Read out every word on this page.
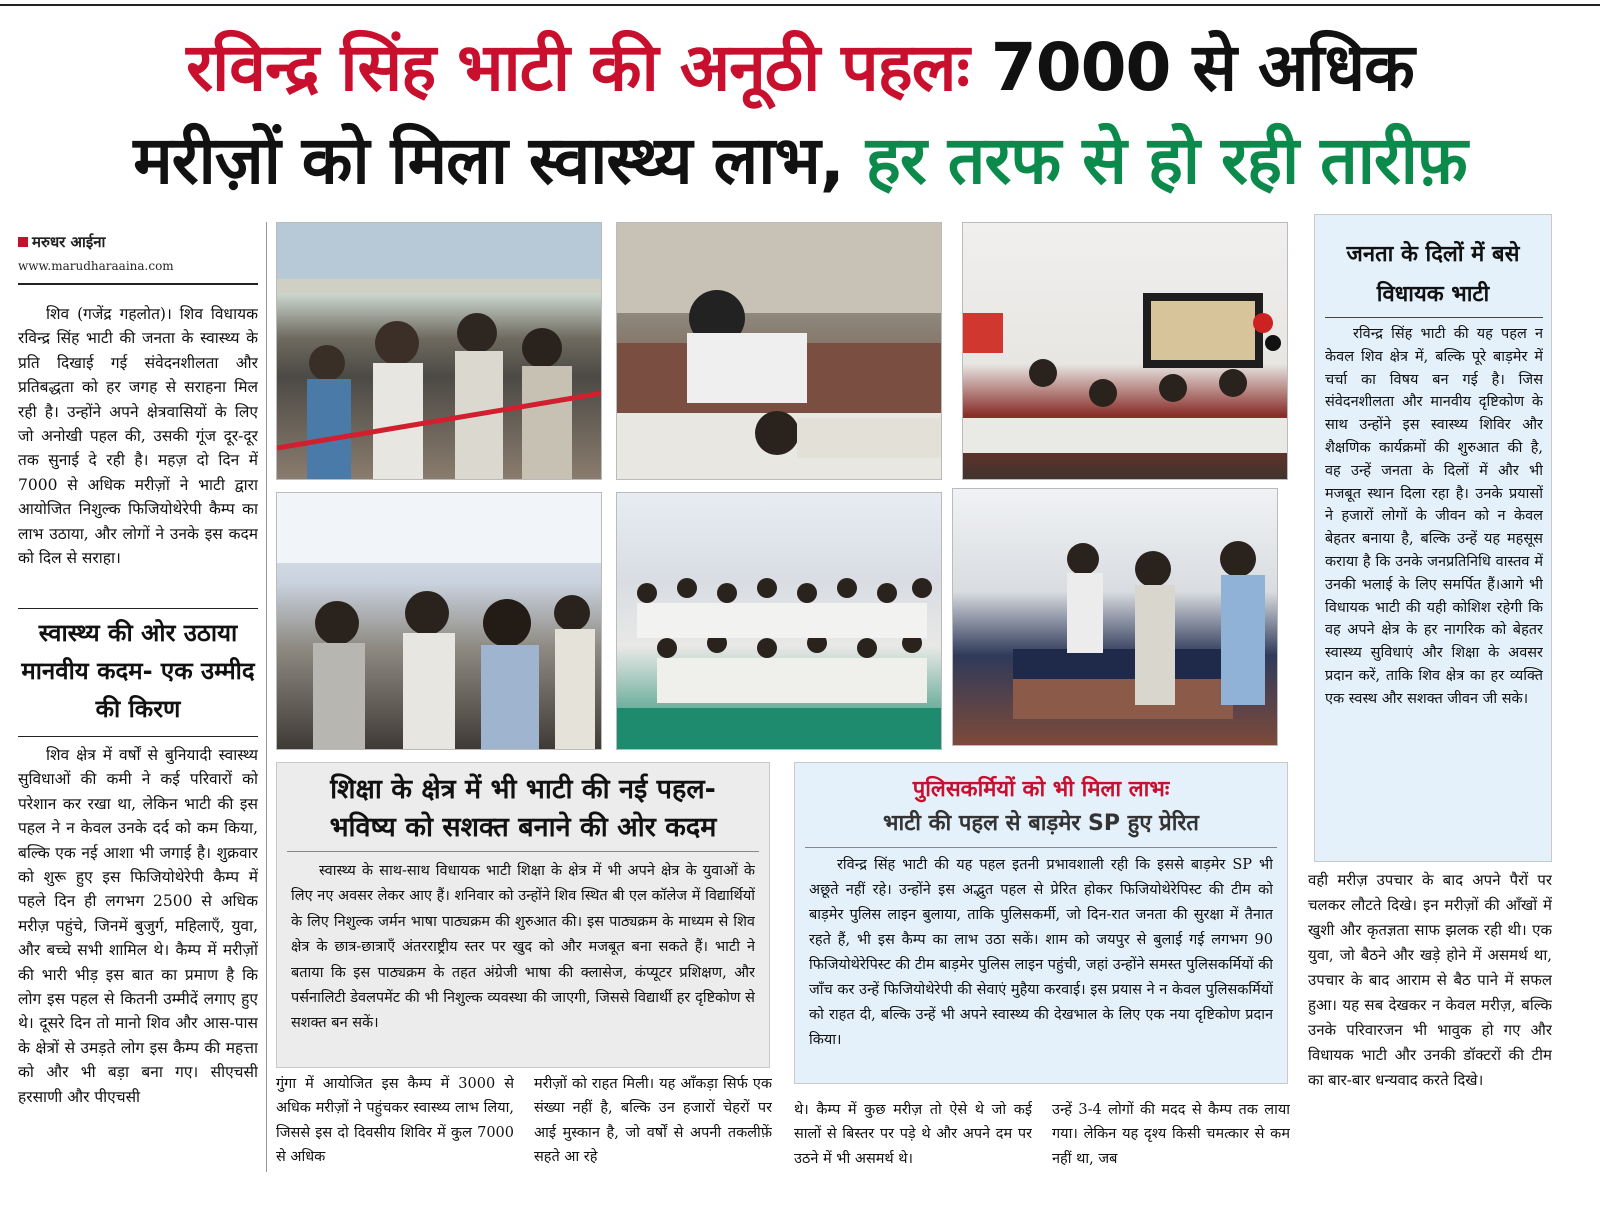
रविन्द्र सिंह भाटी की अनूठी पहलः 7000 से अधिक
मरीज़ों को मिला स्वास्थ्य लाभ, हर तरफ से हो रही तारीफ़
मरुधर आईना
www.marudharaaina.com

शिव (गजेंद्र गहलोत)। शिव विधायक रविन्द्र सिंह भाटी की जनता के स्वास्थ्य के प्रति दिखाई गई संवेदनशीलता और प्रतिबद्धता को हर जगह से सराहना मिल रही है। उन्होंने अपने क्षेत्रवासियों के लिए जो अनोखी पहल की, उसकी गूंज दूर-दूर तक सुनाई दे रही है। महज़ दो दिन में 7000 से अधिक मरीज़ों ने भाटी द्वारा आयोजित निशुल्क फिजियोथेरेपी कैम्प का लाभ उठाया, और लोगों ने उनके इस कदम को दिल से सराहा।

स्वास्थ्य की ओर उठाया मानवीय कदम- एक उम्मीद की किरण

शिव क्षेत्र में वर्षों से बुनियादी स्वास्थ्य सुविधाओं की कमी ने कई परिवारों को परेशान कर रखा था, लेकिन भाटी की इस पहल ने न केवल उनके दर्द को कम किया, बल्कि एक नई आशा भी जगाई है। शुक्रवार को शुरू हुए इस फिजियोथेरेपी कैम्प में पहले दिन ही लगभग 2500 से अधिक मरीज़ पहुंचे, जिनमें बुजुर्ग, महिलाएँ, युवा, और बच्चे सभी शामिल थे। कैम्प में मरीज़ों की भारी भीड़ इस बात का प्रमाण है कि लोग इस पहल से कितनी उम्मीदें लगाए हुए थे। दूसरे दिन तो मानो शिव और आस-पास के क्षेत्रों से उमड़ते लोग इस कैम्प की महत्ता को और भी बड़ा बना गए। सीएचसी हरसाणी और पीएचसी

शिक्षा के क्षेत्र में भी भाटी की नई पहल-
भविष्य को सशक्त बनाने की ओर कदम

स्वास्थ्य के साथ-साथ विधायक भाटी शिक्षा के क्षेत्र में भी अपने क्षेत्र के युवाओं के लिए नए अवसर लेकर आए हैं। शनिवार को उन्होंने शिव स्थित बी एल कॉलेज में विद्यार्थियों के लिए निशुल्क जर्मन भाषा पाठ्यक्रम की शुरुआत की। इस पाठ्यक्रम के माध्यम से शिव क्षेत्र के छात्र-छात्राएँ अंतरराष्ट्रीय स्तर पर खुद को और मजबूत बना सकते हैं। भाटी ने बताया कि इस पाठ्यक्रम के तहत अंग्रेजी भाषा की क्लासेज, कंप्यूटर प्रशिक्षण, और पर्सनालिटी डेवलपमेंट की भी निशुल्क व्यवस्था की जाएगी, जिससे विद्यार्थी हर दृष्टिकोण से सशक्त बन सकें।

पुलिसकर्मियों को भी मिला लाभः
भाटी की पहल से बाड़मेर SP हुए प्रेरित

रविन्द्र सिंह भाटी की यह पहल इतनी प्रभावशाली रही कि इससे बाड़मेर SP भी अछूते नहीं रहे। उन्होंने इस अद्भुत पहल से प्रेरित होकर फिजियोथेरेपिस्ट की टीम को बाड़मेर पुलिस लाइन बुलाया, ताकि पुलिसकर्मी, जो दिन-रात जनता की सुरक्षा में तैनात रहते हैं, भी इस कैम्प का लाभ उठा सकें। शाम को जयपुर से बुलाई गई लगभग 90 फिजियोथेरेपिस्ट की टीम बाड़मेर पुलिस लाइन पहुंची, जहां उन्होंने समस्त पुलिसकर्मियों की जाँच कर उन्हें फिजियोथेरेपी की सेवाएं मुहैया करवाई। इस प्रयास ने न केवल पुलिसकर्मियों को राहत दी, बल्कि उन्हें भी अपने स्वास्थ्य की देखभाल के लिए एक नया दृष्टिकोण प्रदान किया।

गुंगा में आयोजित इस कैम्प में 3000 से अधिक मरीज़ों ने पहुंचकर स्वास्थ्य लाभ लिया, जिससे इस दो दिवसीय शिविर में कुल 7000 से अधिक
मरीज़ों को राहत मिली। यह आँकड़ा सिर्फ एक संख्या नहीं है, बल्कि उन हजारों चेहरों पर आई मुस्कान है, जो वर्षों से अपनी तकलीफ़ें सहते आ रहे
थे। कैम्प में कुछ मरीज़ तो ऐसे थे जो कई सालों से बिस्तर पर पड़े थे और अपने दम पर उठने में भी असमर्थ थे।
उन्हें 3-4 लोगों की मदद से कैम्प तक लाया गया। लेकिन यह दृश्य किसी चमत्कार से कम नहीं था, जब
जनता के दिलों में बसे
विधायक भाटी

रविन्द्र सिंह भाटी की यह पहल न केवल शिव क्षेत्र में, बल्कि पूरे बाड़मेर में चर्चा का विषय बन गई है। जिस संवेदनशीलता और मानवीय दृष्टिकोण के साथ उन्होंने इस स्वास्थ्य शिविर और शैक्षणिक कार्यक्रमों की शुरुआत की है, वह उन्हें जनता के दिलों में और भी मजबूत स्थान दिला रहा है। उनके प्रयासों ने हजारों लोगों के जीवन को न केवल बेहतर बनाया है, बल्कि उन्हें यह महसूस कराया है कि उनके जनप्रतिनिधि वास्तव में उनकी भलाई के लिए समर्पित हैं।आगे भी विधायक भाटी की यही कोशिश रहेगी कि वह अपने क्षेत्र के हर नागरिक को बेहतर स्वास्थ्य सुविधाएं और शिक्षा के अवसर प्रदान करें, ताकि शिव क्षेत्र का हर व्यक्ति एक स्वस्थ और सशक्त जीवन जी सके।

वही मरीज़ उपचार के बाद अपने पैरों पर चलकर लौटते दिखे। इन मरीज़ों की आँखों में खुशी और कृतज्ञता साफ झलक रही थी। एक युवा, जो बैठने और खड़े होने में असमर्थ था, उपचार के बाद आराम से बैठ पाने में सफल हुआ। यह सब देखकर न केवल मरीज़, बल्कि उनके परिवारजन भी भावुक हो गए और विधायक भाटी और उनकी डॉक्टरों की टीम का बार-बार धन्यवाद करते दिखे।
